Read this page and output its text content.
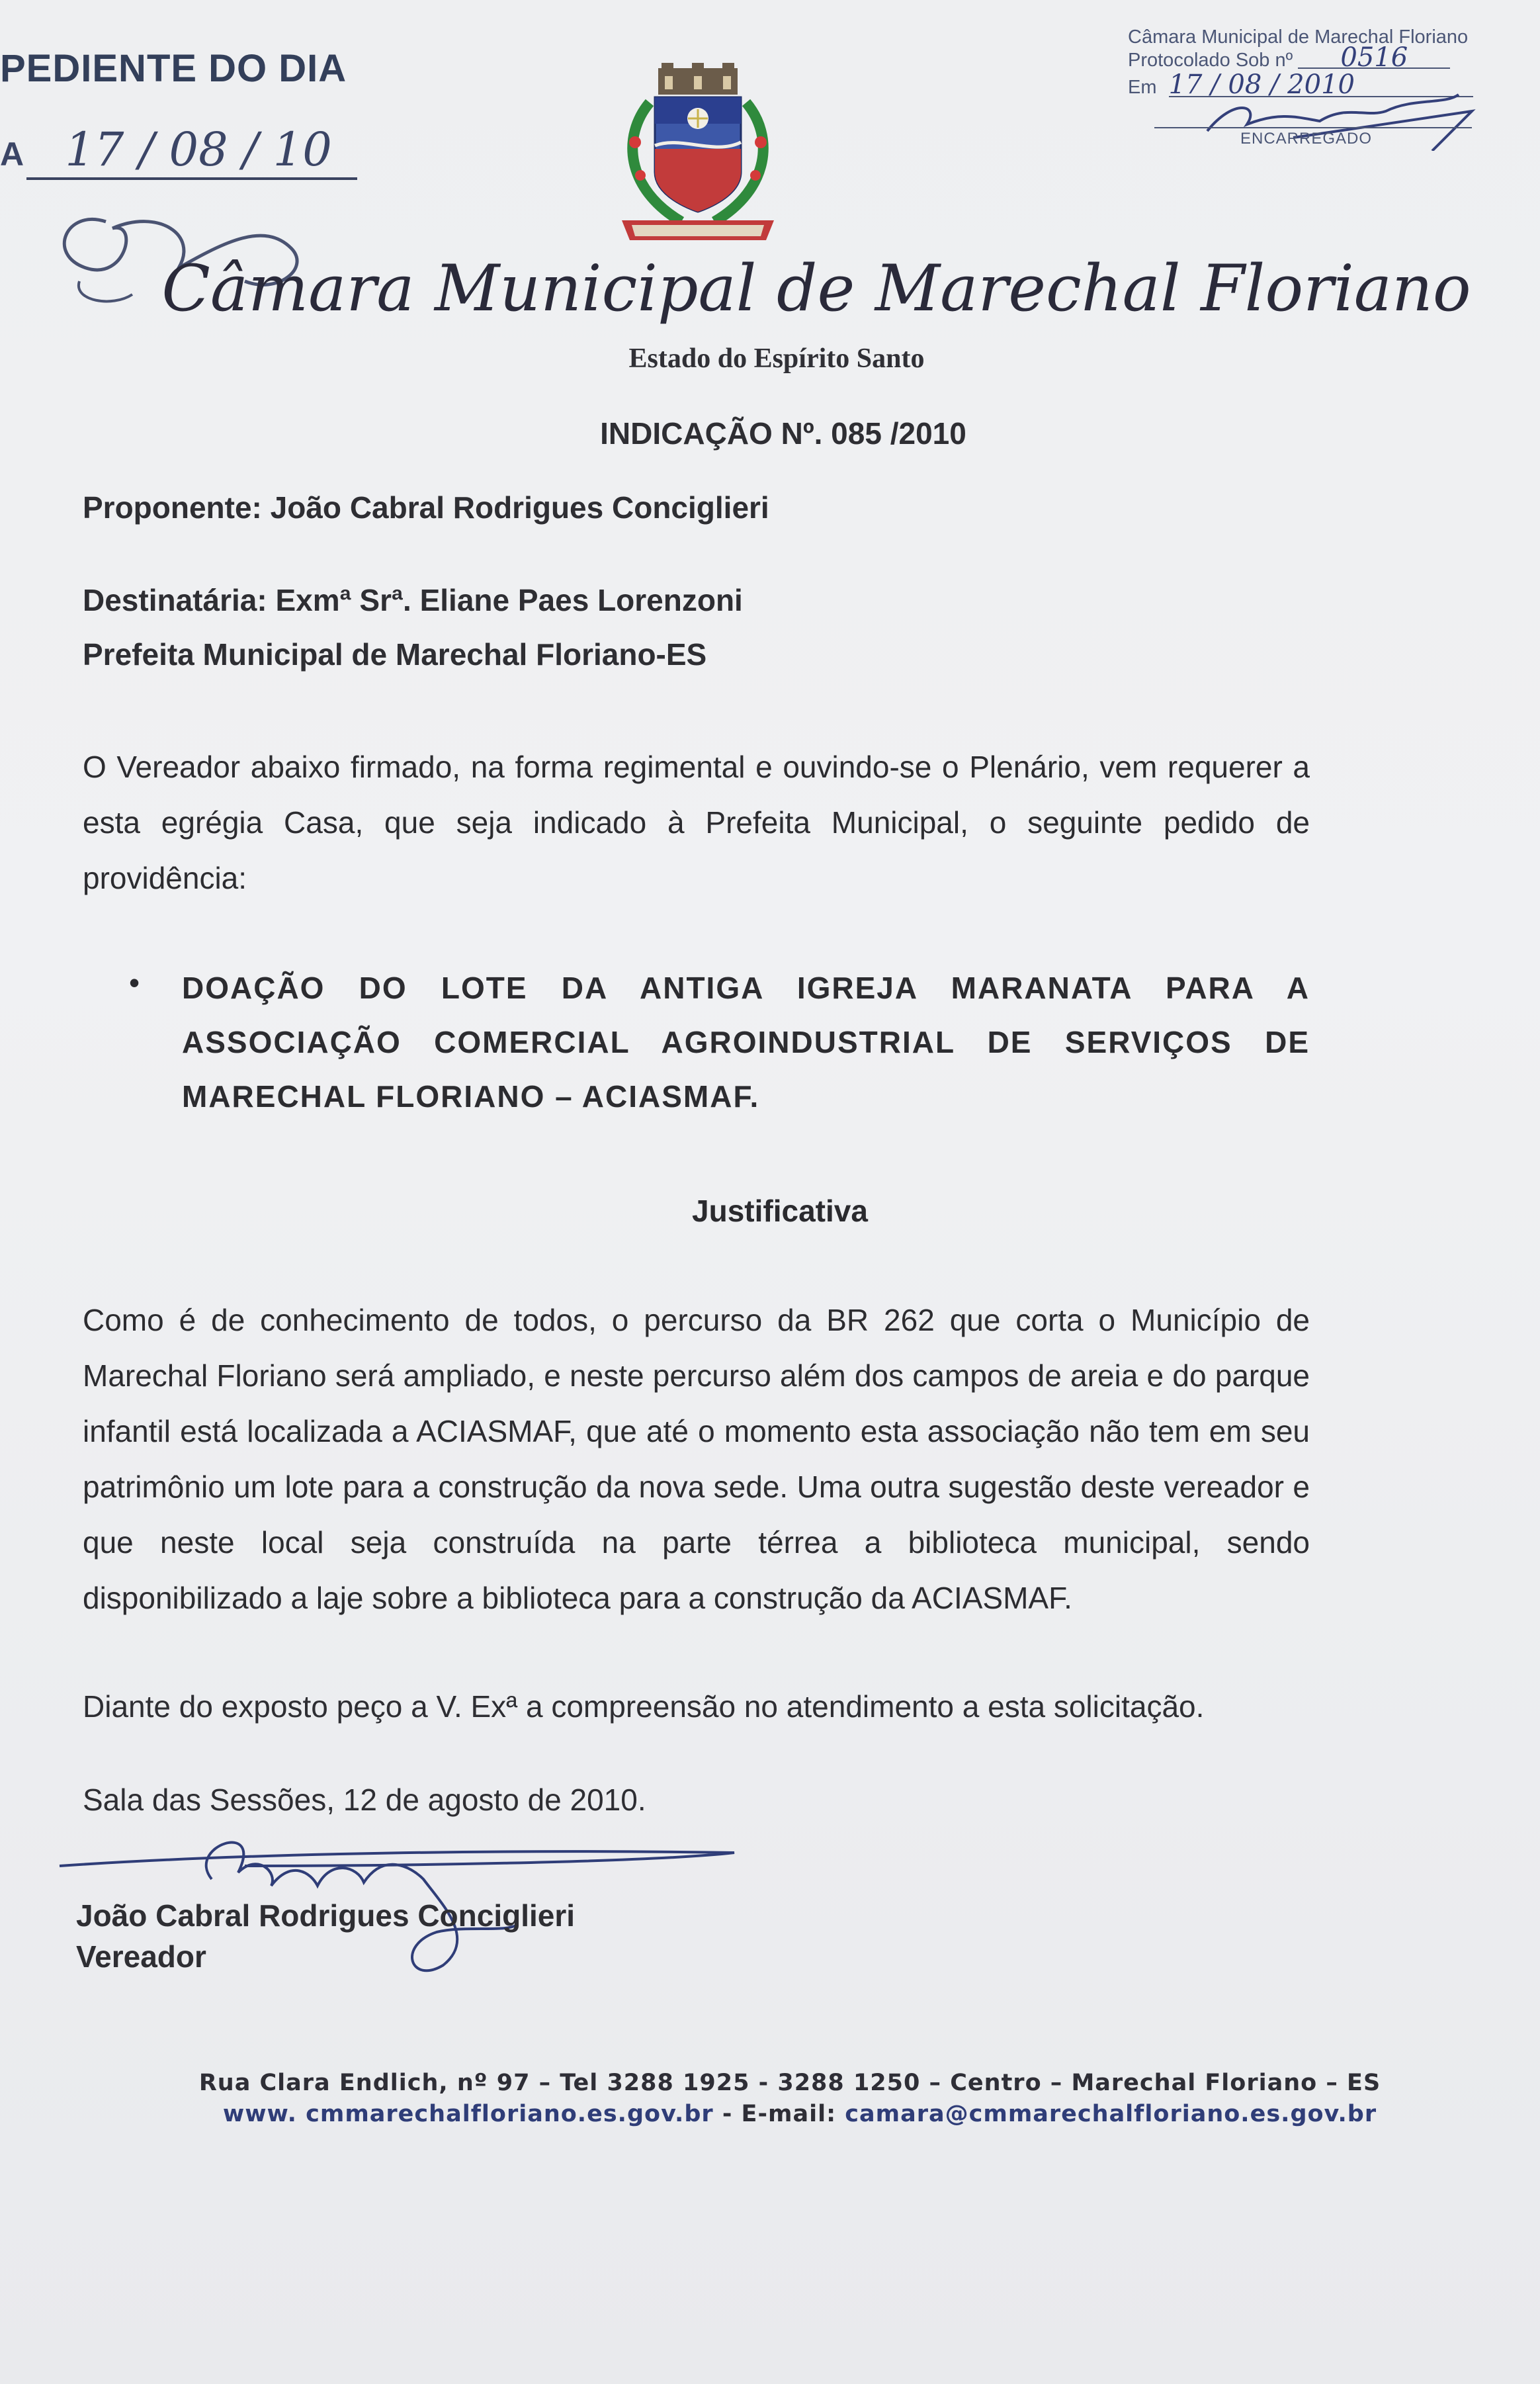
PEDIENTE DO DIA
A 17 / 08 / 10
Câmara Municipal de Marechal Floriano
Protocolado Sob nº 0516
Em 17 / 08 / 2010
ENCARREGADO
Câmara Municipal de Marechal Floriano
Estado do Espírito Santo
INDICAÇÃO Nº. 085 /2010
Proponente: João Cabral Rodrigues Conciglieri
Destinatária: Exmª Srª. Eliane Paes Lorenzoni
Prefeita Municipal de Marechal Floriano-ES

O Vereador abaixo firmado, na forma regimental e ouvindo-se o Plenário, vem requerer a esta egrégia Casa, que seja indicado à Prefeita Municipal, o seguinte pedido de providência:

•	DOAÇÃO DO LOTE DA ANTIGA IGREJA MARANATA PARA A ASSOCIAÇÃO COMERCIAL AGROINDUSTRIAL DE SERVIÇOS DE MARECHAL FLORIANO – ACIASMAF.
Justificativa

Como é de conhecimento de todos, o percurso da BR 262 que corta o Município de Marechal Floriano será ampliado, e neste percurso além dos campos de areia e do parque infantil está localizada a ACIASMAF, que até o momento esta associação não tem em seu patrimônio um lote para a construção da nova sede. Uma outra sugestão deste vereador e que neste local seja construída na parte térrea a biblioteca municipal, sendo disponibilizado a laje sobre a biblioteca para a construção da ACIASMAF.

Diante do exposto peço a V. Exª a compreensão no atendimento a esta solicitação.
Sala das Sessões, 12 de agosto de 2010.
João Cabral Rodrigues Conciglieri
Vereador
Rua Clara Endlich, nº 97 – Tel 3288 1925 - 3288 1250 – Centro – Marechal Floriano – ES
www. cmmarechalfloriano.es.gov.br - E-mail: camara@cmmarechalfloriano.es.gov.br
